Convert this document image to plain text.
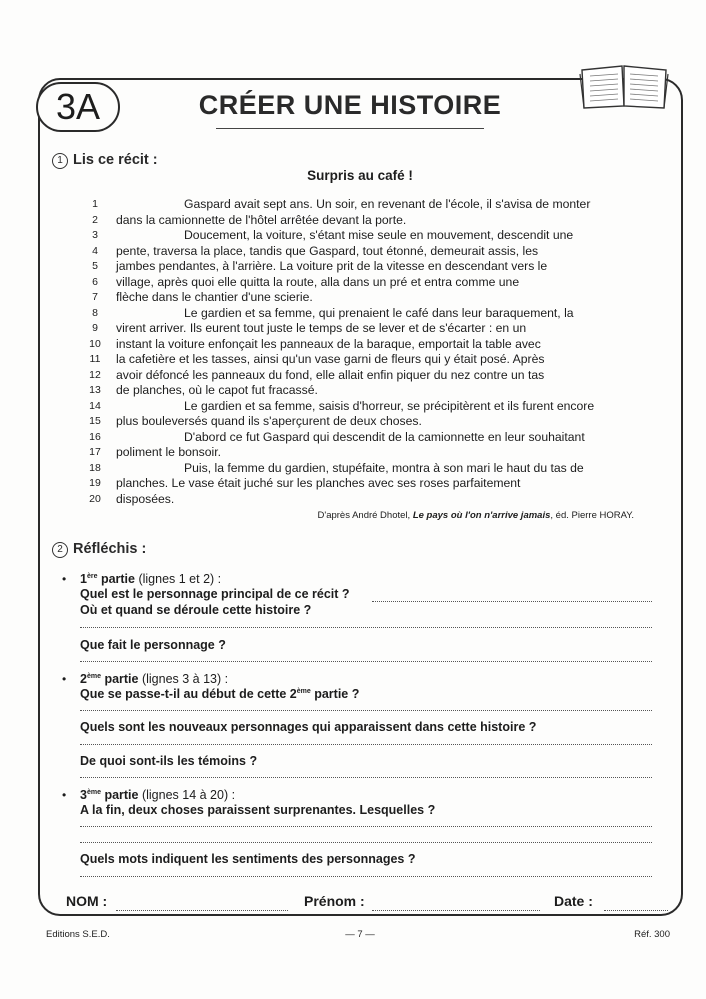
3A	CRÉER UNE HISTOIRE
1 Lis ce récit :
Surpris au café !
1	Gaspard avait sept ans. Un soir, en revenant de l'école, il s'avisa de monter
2	dans la camionnette de l'hôtel arrêtée devant la porte.
3	Doucement, la voiture, s'étant mise seule en mouvement, descendit une
4	pente, traversa la place, tandis que Gaspard, tout étonné, demeurait assis, les
5	jambes pendantes, à l'arrière. La voiture prit de la vitesse en descendant vers le
6	village, après quoi elle quitta la route, alla dans un pré et entra comme une
7	flèche dans le chantier d'une scierie.
8	Le gardien et sa femme, qui prenaient le café dans leur baraquement, la
9	virent arriver. Ils eurent tout juste le temps de se lever et de s'écarter : en un
10 instant la voiture enfonçait les panneaux de la baraque, emportait la table avec
11 la cafetière et les tasses, ainsi qu'un vase garni de fleurs qui y était posé. Après
12 avoir défoncé les panneaux du fond, elle allait enfin piquer du nez contre un tas
13 de planches, où le capot fut fracassé.
14	Le gardien et sa femme, saisis d'horreur, se précipitèrent et ils furent encore
15 plus bouleversés quand ils s'aperçurent de deux choses.
16	D'abord ce fut Gaspard qui descendit de la camionnette en leur souhaitant
17 poliment le bonsoir.
18	Puis, la femme du gardien, stupéfaite, montra à son mari le haut du tas de
19 planches. Le vase était juché sur les planches avec ses roses parfaitement
20 disposées.
D'après André Dhotel, Le pays où l'on n'arrive jamais, éd. Pierre HORAY.
2 Réfléchis :
• 1ère partie (lignes 1 et 2) :
Quel est le personnage principal de ce récit ?
Où et quand se déroule cette histoire ?
Que fait le personnage ?
• 2ème partie (lignes 3 à 13) :
Que se passe-t-il au début de cette 2ème partie ?
Quels sont les nouveaux personnages qui apparaissent dans cette histoire ?
De quoi sont-ils les témoins ?
• 3ème partie (lignes 14 à 20) :
A la fin, deux choses paraissent surprenantes. Lesquelles ?
Quels mots indiquent les sentiments des personnages ?
NOM :	Prénom :	Date :
Editions S.E.D.	— 7 —	Réf. 300
